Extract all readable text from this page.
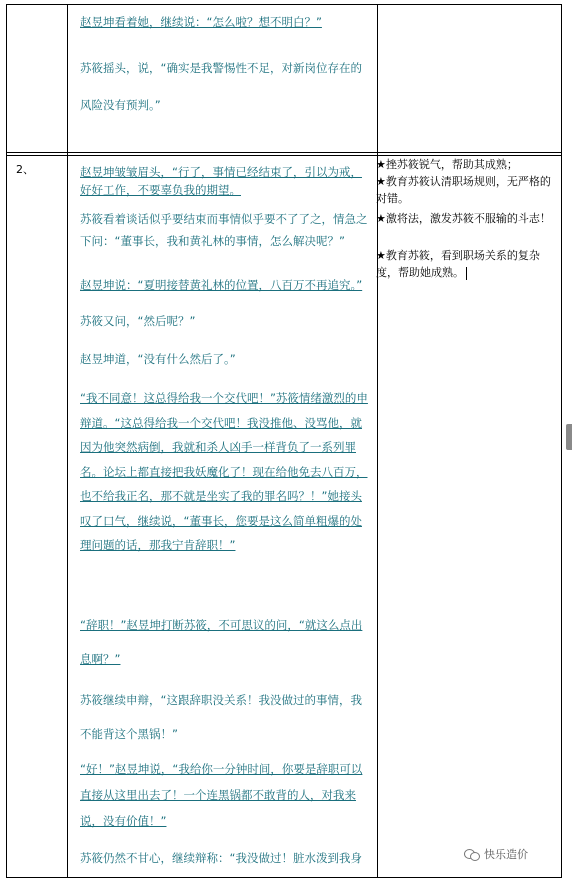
赵昱坤看着她，继续说：“怎么啦？想不明白？”

苏筱摇头，说，“确实是我警惕性不足，对新岗位存在的风险没有预判。”

2、	赵昱坤皱皱眉头，“行了，事情已经结束了，引以为戒，好好工作，不要辜负我的期望。

苏筱看着谈话似乎要结束而事情似乎要不了了之，情急之下问：“董事长，我和黄礼林的事情，怎么解决呢？”

赵昱坤说：“夏明接替黄礼林的位置，八百万不再追究。”

苏筱又问，“然后呢？”

赵昱坤道，“没有什么然后了。”

“我不同意！这总得给我一个交代吧！”苏筱情绪激烈的申辩道。“这总得给我一个交代吧！我没推他、没骂他，就因为他突然病倒，我就和杀人凶手一样背负了一系列罪名。论坛上都直接把我妖魔化了！现在给他免去八百万，也不给我正名，那不就是坐实了我的罪名吗？！”她接头叹了口气，继续说，“董事长，您要是这么简单粗爆的处理问题的话，那我宁肯辞职！”

“辞职！”赵昱坤打断苏筱，不可思议的问，“就这么点出息啊？”

苏筱继续申辩，“这跟辞职没关系！我没做过的事情，我不能背这个黑锅！”

“好！”赵昱坤说，“我给你一分钟时间，你要是辞职可以直接从这里出去了！一个连黑锅都不敢背的人，对我来说，没有价值！”

苏筱仍然不甘心，继续辩称：“我没做过！脏水泼到我身

★挫苏筱锐气，帮助其成熟；

★教育苏筱认清职场规则，无严格的对错。

★激将法，激发苏筱不服输的斗志！

★教育苏筱，看到职场关系的复杂度，帮助她成熟。

快乐造价
